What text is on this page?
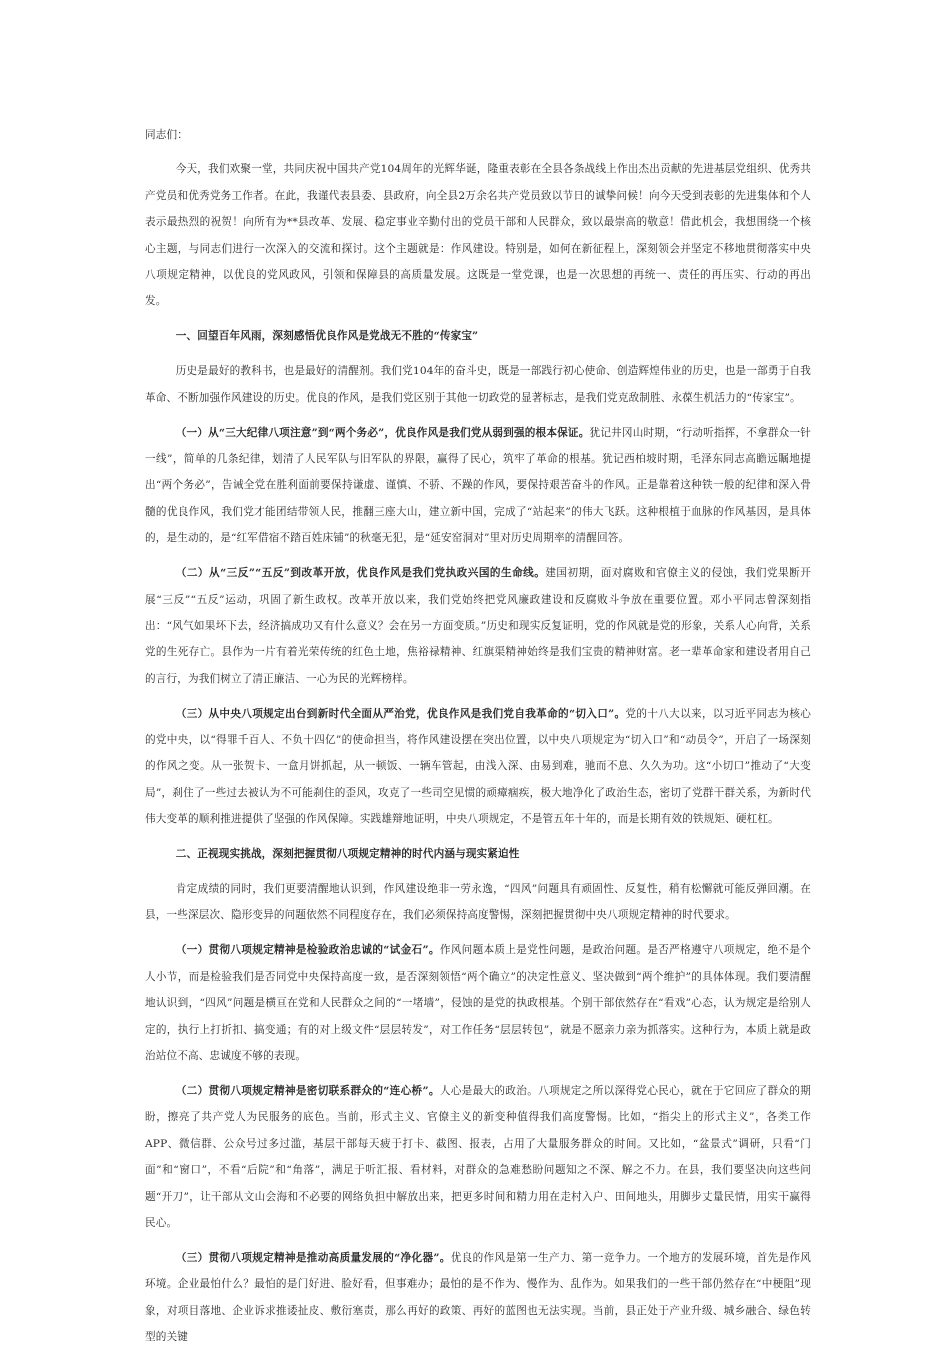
同志们：

今天，我们欢聚一堂，共同庆祝中国共产党104周年的光辉华诞，隆重表彰在全县各条战线上作出杰出贡献的先进基层党组织、优秀共产党员和优秀党务工作者。在此，我谨代表县委、县政府，向全县2万余名共产党员致以节日的诚挚问候！向今天受到表彰的先进集体和个人表示最热烈的祝贺！向所有为**县改革、发展、稳定事业辛勤付出的党员干部和人民群众，致以最崇高的敬意！借此机会，我想围绕一个核心主题，与同志们进行一次深入的交流和探讨。这个主题就是：作风建设。特别是，如何在新征程上，深刻领会并坚定不移地贯彻落实中央八项规定精神，以优良的党风政风，引领和保障县的高质量发展。这既是一堂党课，也是一次思想的再统一、责任的再压实、行动的再出发。

一、回望百年风雨，深刻感悟优良作风是党战无不胜的“传家宝”

历史是最好的教科书，也是最好的清醒剂。我们党104年的奋斗史，既是一部践行初心使命、创造辉煌伟业的历史，也是一部勇于自我革命、不断加强作风建设的历史。优良的作风，是我们党区别于其他一切政党的显著标志，是我们党克敌制胜、永葆生机活力的“传家宝”。

（一）从“三大纪律八项注意”到“两个务必”，优良作风是我们党从弱到强的根本保证。犹记井冈山时期，“行动听指挥，不拿群众一针一线”，简单的几条纪律，划清了人民军队与旧军队的界限，赢得了民心，筑牢了革命的根基。犹记西柏坡时期，毛泽东同志高瞻远瞩地提出“两个务必”，告诫全党在胜利面前要保持谦虚、谨慎、不骄、不躁的作风，要保持艰苦奋斗的作风。正是靠着这种铁一般的纪律和深入骨髓的优良作风，我们党才能团结带领人民，推翻三座大山，建立新中国，完成了“站起来”的伟大飞跃。这种根植于血脉的作风基因，是具体的，是生动的，是“红军借宿不踏百姓床铺”的秋毫无犯，是“延安窑洞对”里对历史周期率的清醒回答。

（二）从“三反”“五反”到改革开放，优良作风是我们党执政兴国的生命线。建国初期，面对腐败和官僚主义的侵蚀，我们党果断开展“三反”“五反”运动，巩固了新生政权。改革开放以来，我们党始终把党风廉政建设和反腐败斗争放在重要位置。邓小平同志曾深刻指出：“风气如果坏下去，经济搞成功又有什么意义？会在另一方面变质。”历史和现实反复证明，党的作风就是党的形象，关系人心向背，关系党的生死存亡。县作为一片有着光荣传统的红色土地，焦裕禄精神、红旗渠精神始终是我们宝贵的精神财富。老一辈革命家和建设者用自己的言行，为我们树立了清正廉洁、一心为民的光辉榜样。

（三）从中央八项规定出台到新时代全面从严治党，优良作风是我们党自我革命的“切入口”。党的十八大以来，以习近平同志为核心的党中央，以“得罪千百人、不负十四亿”的使命担当，将作风建设摆在突出位置，以中央八项规定为“切入口”和“动员令”，开启了一场深刻的作风之变。从一张贺卡、一盒月饼抓起，从一顿饭、一辆车管起，由浅入深、由易到难，驰而不息、久久为功。这“小切口”推动了“大变局”，刹住了一些过去被认为不可能刹住的歪风，攻克了一些司空见惯的顽瘴痼疾，极大地净化了政治生态，密切了党群干群关系，为新时代伟大变革的顺利推进提供了坚强的作风保障。实践雄辩地证明，中央八项规定，不是管五年十年的，而是长期有效的铁规矩、硬杠杠。

二、正视现实挑战，深刻把握贯彻八项规定精神的时代内涵与现实紧迫性

肯定成绩的同时，我们更要清醒地认识到，作风建设绝非一劳永逸，“四风”问题具有顽固性、反复性，稍有松懈就可能反弹回潮。在县，一些深层次、隐形变异的问题依然不同程度存在，我们必须保持高度警惕，深刻把握贯彻中央八项规定精神的时代要求。

（一）贯彻八项规定精神是检验政治忠诚的“试金石”。作风问题本质上是党性问题，是政治问题。是否严格遵守八项规定，绝不是个人小节，而是检验我们是否同党中央保持高度一致，是否深刻领悟“两个确立”的决定性意义、坚决做到“两个维护”的具体体现。我们要清醒地认识到，“四风”问题是横亘在党和人民群众之间的“一堵墙”，侵蚀的是党的执政根基。个别干部依然存在“看戏”心态，认为规定是给别人定的，执行上打折扣、搞变通；有的对上级文件“层层转发”，对工作任务“层层转包”，就是不愿亲力亲为抓落实。这种行为，本质上就是政治站位不高、忠诚度不够的表现。

（二）贯彻八项规定精神是密切联系群众的“连心桥”。人心是最大的政治。八项规定之所以深得党心民心，就在于它回应了群众的期盼，擦亮了共产党人为民服务的底色。当前，形式主义、官僚主义的新变种值得我们高度警惕。比如，“指尖上的形式主义”，各类工作APP、微信群、公众号过多过滥，基层干部每天疲于打卡、截图、报表，占用了大量服务群众的时间。又比如，“盆景式”调研，只看“门面”和“窗口”，不看“后院”和“角落”，满足于听汇报、看材料，对群众的急难愁盼问题知之不深、解之不力。在县，我们要坚决向这些问题“开刀”，让干部从文山会海和不必要的网络负担中解放出来，把更多时间和精力用在走村入户、田间地头，用脚步丈量民情，用实干赢得民心。

（三）贯彻八项规定精神是推动高质量发展的“净化器”。优良的作风是第一生产力、第一竞争力。一个地方的发展环境，首先是作风环境。企业最怕什么？最怕的是门好进、脸好看，但事难办；最怕的是不作为、慢作为、乱作为。如果我们的一些干部仍然存在“中梗阻”现象，对项目落地、企业诉求推诿扯皮、敷衍塞责，那么再好的政策、再好的蓝图也无法实现。当前，县正处于产业升级、城乡融合、绿色转型的关键
